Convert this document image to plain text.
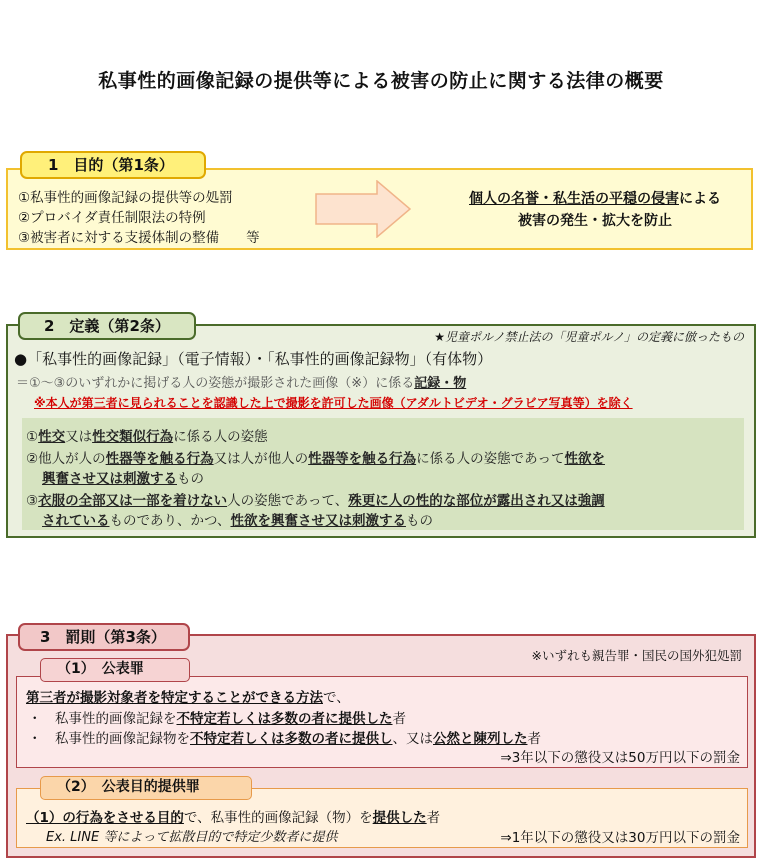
私事性的画像記録の提供等による被害の防止に関する法律の概要
1　目的（第1条）
①私事性的画像記録の提供等の処罰
②プロバイダ責任制限法の特例
③被害者に対する支援体制の整備　　等
個人の名誉・私生活の平穏の侵害による
被害の発生・拡大を防止
2　定義（第2条）
★児童ポルノ禁止法の「児童ポルノ」の定義に倣ったもの
●「私事性的画像記録」（電子情報）・「私事性的画像記録物」（有体物）
＝①～③のいずれかに掲げる人の姿態が撮影された画像（※）に係る記録・物
※本人が第三者に見られることを認識した上で撮影を許可した画像（アダルトビデオ・グラビア写真等）を除く
①性交又は性交類似行為に係る人の姿態
②他人が人の性器等を触る行為又は人が他人の性器等を触る行為に係る人の姿態であって性欲を
興奮させ又は刺激するもの
③衣服の全部又は一部を着けない人の姿態であって、殊更に人の性的な部位が露出され又は強調
されているものであり、かつ、性欲を興奮させ又は刺激するもの
3　罰則（第3条）
※いずれも親告罪・国民の国外犯処罰
（1）　公表罪
第三者が撮影対象者を特定することができる方法で、
・　私事性的画像記録を不特定若しくは多数の者に提供した者
・　私事性的画像記録物を不特定若しくは多数の者に提供し、又は公然と陳列した者
⇒3年以下の懲役又は50万円以下の罰金
（2）　公表目的提供罪
（1）の行為をさせる目的で、私事性的画像記録（物）を提供した者
Ex. LINE 等によって拡散目的で特定少数者に提供	⇒1年以下の懲役又は30万円以下の罰金
